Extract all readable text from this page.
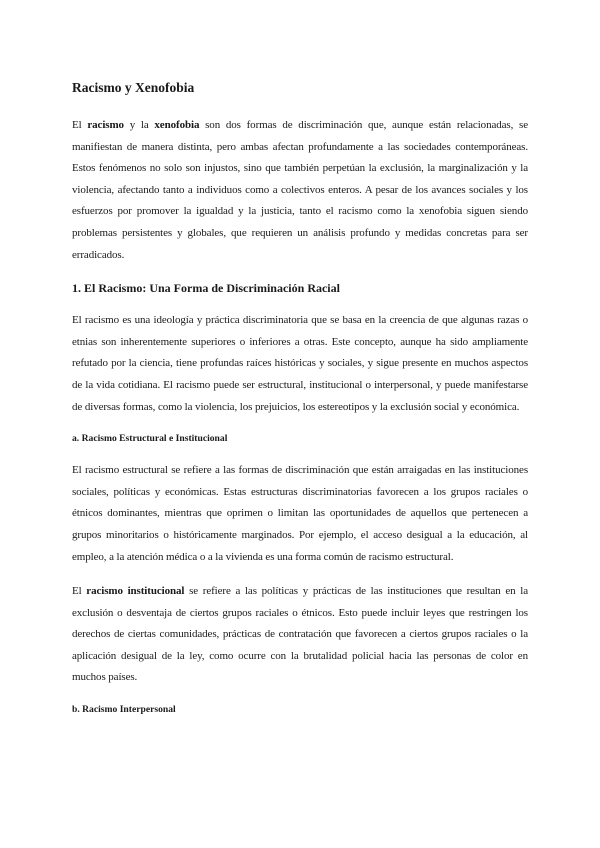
Racismo y Xenofobia

El racismo y la xenofobia son dos formas de discriminación que, aunque están relacionadas, se manifiestan de manera distinta, pero ambas afectan profundamente a las sociedades contemporáneas. Estos fenómenos no solo son injustos, sino que también perpetúan la exclusión, la marginalización y la violencia, afectando tanto a individuos como a colectivos enteros. A pesar de los avances sociales y los esfuerzos por promover la igualdad y la justicia, tanto el racismo como la xenofobia siguen siendo problemas persistentes y globales, que requieren un análisis profundo y medidas concretas para ser erradicados.

1. El Racismo: Una Forma de Discriminación Racial

El racismo es una ideología y práctica discriminatoria que se basa en la creencia de que algunas razas o etnias son inherentemente superiores o inferiores a otras. Este concepto, aunque ha sido ampliamente refutado por la ciencia, tiene profundas raíces históricas y sociales, y sigue presente en muchos aspectos de la vida cotidiana. El racismo puede ser estructural, institucional o interpersonal, y puede manifestarse de diversas formas, como la violencia, los prejuicios, los estereotipos y la exclusión social y económica.

a. Racismo Estructural e Institucional

El racismo estructural se refiere a las formas de discriminación que están arraigadas en las instituciones sociales, políticas y económicas. Estas estructuras discriminatorias favorecen a los grupos raciales o étnicos dominantes, mientras que oprimen o limitan las oportunidades de aquellos que pertenecen a grupos minoritarios o históricamente marginados. Por ejemplo, el acceso desigual a la educación, al empleo, a la atención médica o a la vivienda es una forma común de racismo estructural.

El racismo institucional se refiere a las políticas y prácticas de las instituciones que resultan en la exclusión o desventaja de ciertos grupos raciales o étnicos. Esto puede incluir leyes que restringen los derechos de ciertas comunidades, prácticas de contratación que favorecen a ciertos grupos raciales o la aplicación desigual de la ley, como ocurre con la brutalidad policial hacia las personas de color en muchos países.

b. Racismo Interpersonal
